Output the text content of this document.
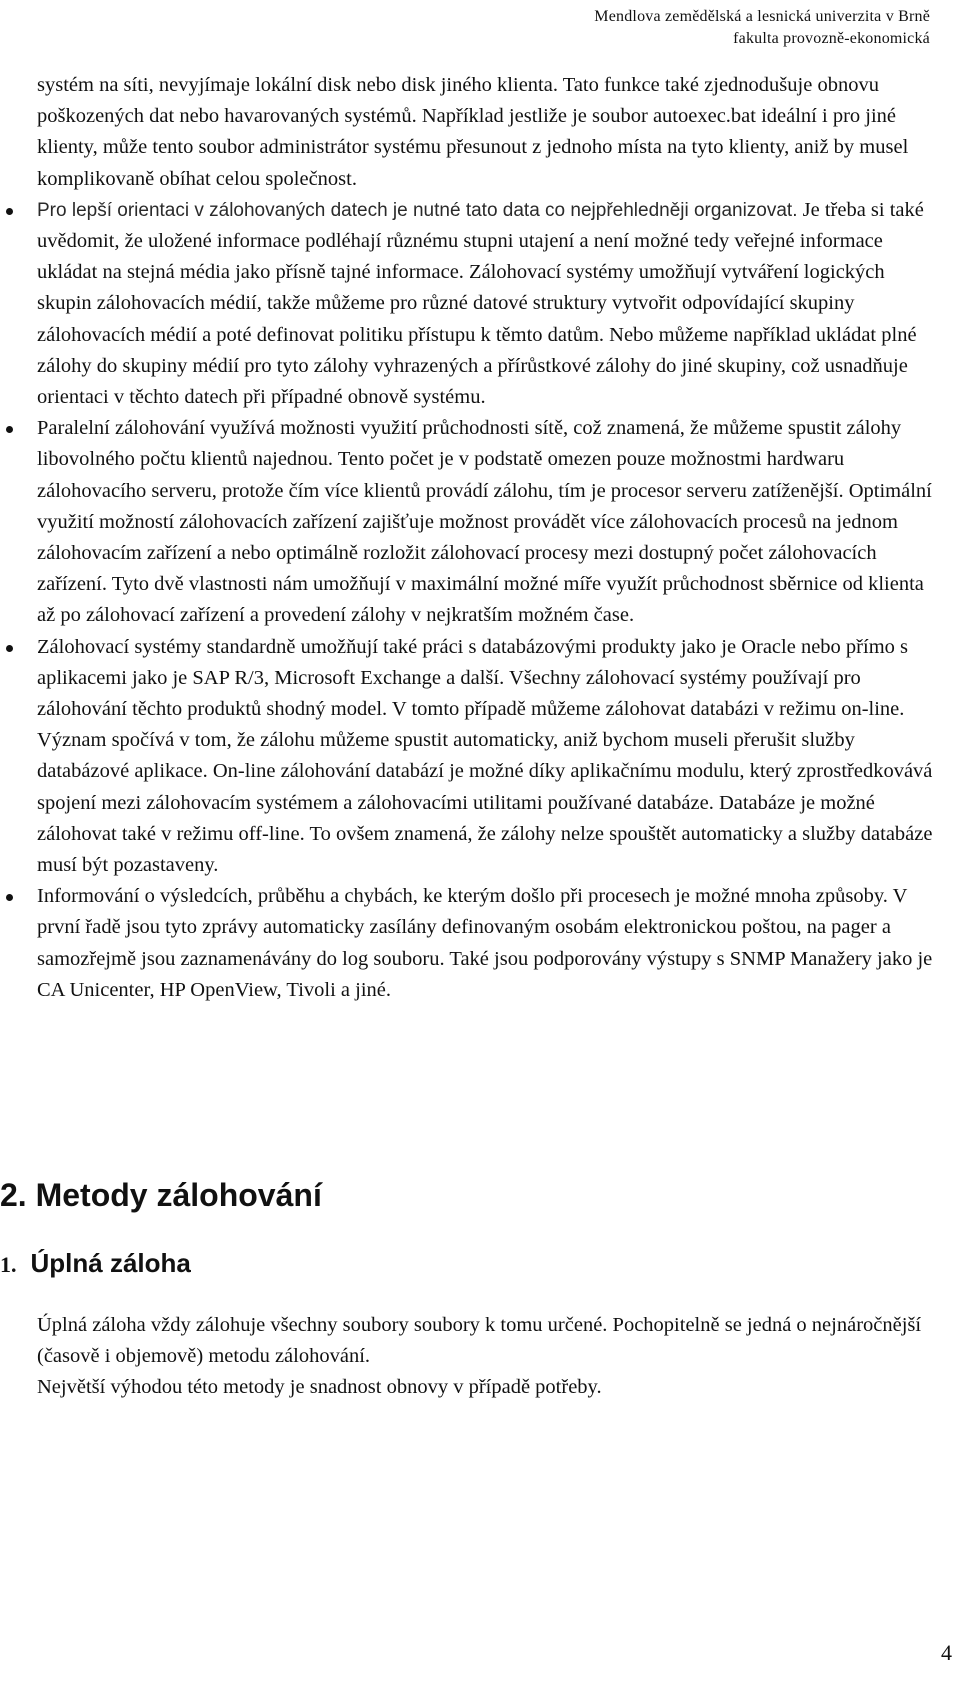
Mendlova zemědělská a lesnická univerzita v Brně
fakulta provozně-ekonomická

systém na síti, nevyjímaje lokální disk nebo disk jiného klienta. Tato funkce také zjednodušuje obnovu poškozených dat nebo havarovaných systémů. Například jestliže je soubor autoexec.bat ideální i pro jiné klienty, může tento soubor administrátor systému přesunout z jednoho místa na tyto klienty, aniž by musel komplikovaně obíhat celou společnost.

Pro lepší orientaci v zálohovaných datech je nutné tato data co nejpřehledněji organizovat. Je třeba si také uvědomit, že uložené informace podléhají různému stupni utajení a není možné tedy veřejné informace ukládat na stejná média jako přísně tajné informace. Zálohovací systémy umožňují vytváření logických skupin zálohovacích médií, takže můžeme pro různé datové struktury vytvořit odpovídající skupiny zálohovacích médií a poté definovat politiku přístupu k těmto datům. Nebo můžeme například ukládat plné zálohy do skupiny médií pro tyto zálohy vyhrazených a přírůstkové zálohy do jiné skupiny, což usnadňuje orientaci v těchto datech při případné obnově systému.
Paralelní zálohování využívá možnosti využití průchodnosti sítě, což znamená, že můžeme spustit zálohy libovolného počtu klientů najednou. Tento počet je v podstatě omezen pouze možnostmi hardwaru zálohovacího serveru, protože čím více klientů provádí zálohu, tím je procesor serveru zatíženější. Optimální využití možností zálohovacích zařízení zajišťuje možnost provádět více zálohovacích procesů na jednom zálohovacím zařízení a nebo optimálně rozložit zálohovací procesy mezi dostupný počet zálohovacích zařízení. Tyto dvě vlastnosti nám umožňují v maximální možné míře využít průchodnost sběrnice od klienta až po zálohovací zařízení a provedení zálohy v nejkratším možném čase.
Zálohovací systémy standardně umožňují také práci s databázovými produkty jako je Oracle nebo přímo s aplikacemi jako je SAP R/3, Microsoft Exchange a další. Všechny zálohovací systémy používají pro zálohování těchto produktů shodný model. V tomto případě můžeme zálohovat databázi v režimu on-line. Význam spočívá v tom, že zálohu můžeme spustit automaticky, aniž bychom museli přerušit služby databázové aplikace. On-line zálohování databází je možné díky aplikačnímu modulu, který zprostředkovává spojení mezi zálohovacím systémem a zálohovacími utilitami používané databáze. Databáze je možné zálohovat také v režimu off-line. To ovšem znamená, že zálohy nelze spouštět automaticky a služby databáze musí být pozastaveny.
Informování o výsledcích, průběhu a chybách, ke kterým došlo při procesech je možné mnoha způsoby. V první řadě jsou tyto zprávy automaticky zasílány definovaným osobám elektronickou poštou, na pager a samozřejmě jsou zaznamenávány do log souboru. Také jsou podporovány výstupy s SNMP Manažery jako je CA Unicenter, HP OpenView, Tivoli a jiné.
2. Metody zálohování
1. Úplná záloha

Úplná záloha vždy zálohuje všechny soubory soubory k tomu určené. Pochopitelně se jedná o nejnáročnější (časově i objemově) metodu zálohování.

Největší výhodou této metody je snadnost obnovy v případě potřeby.

4
